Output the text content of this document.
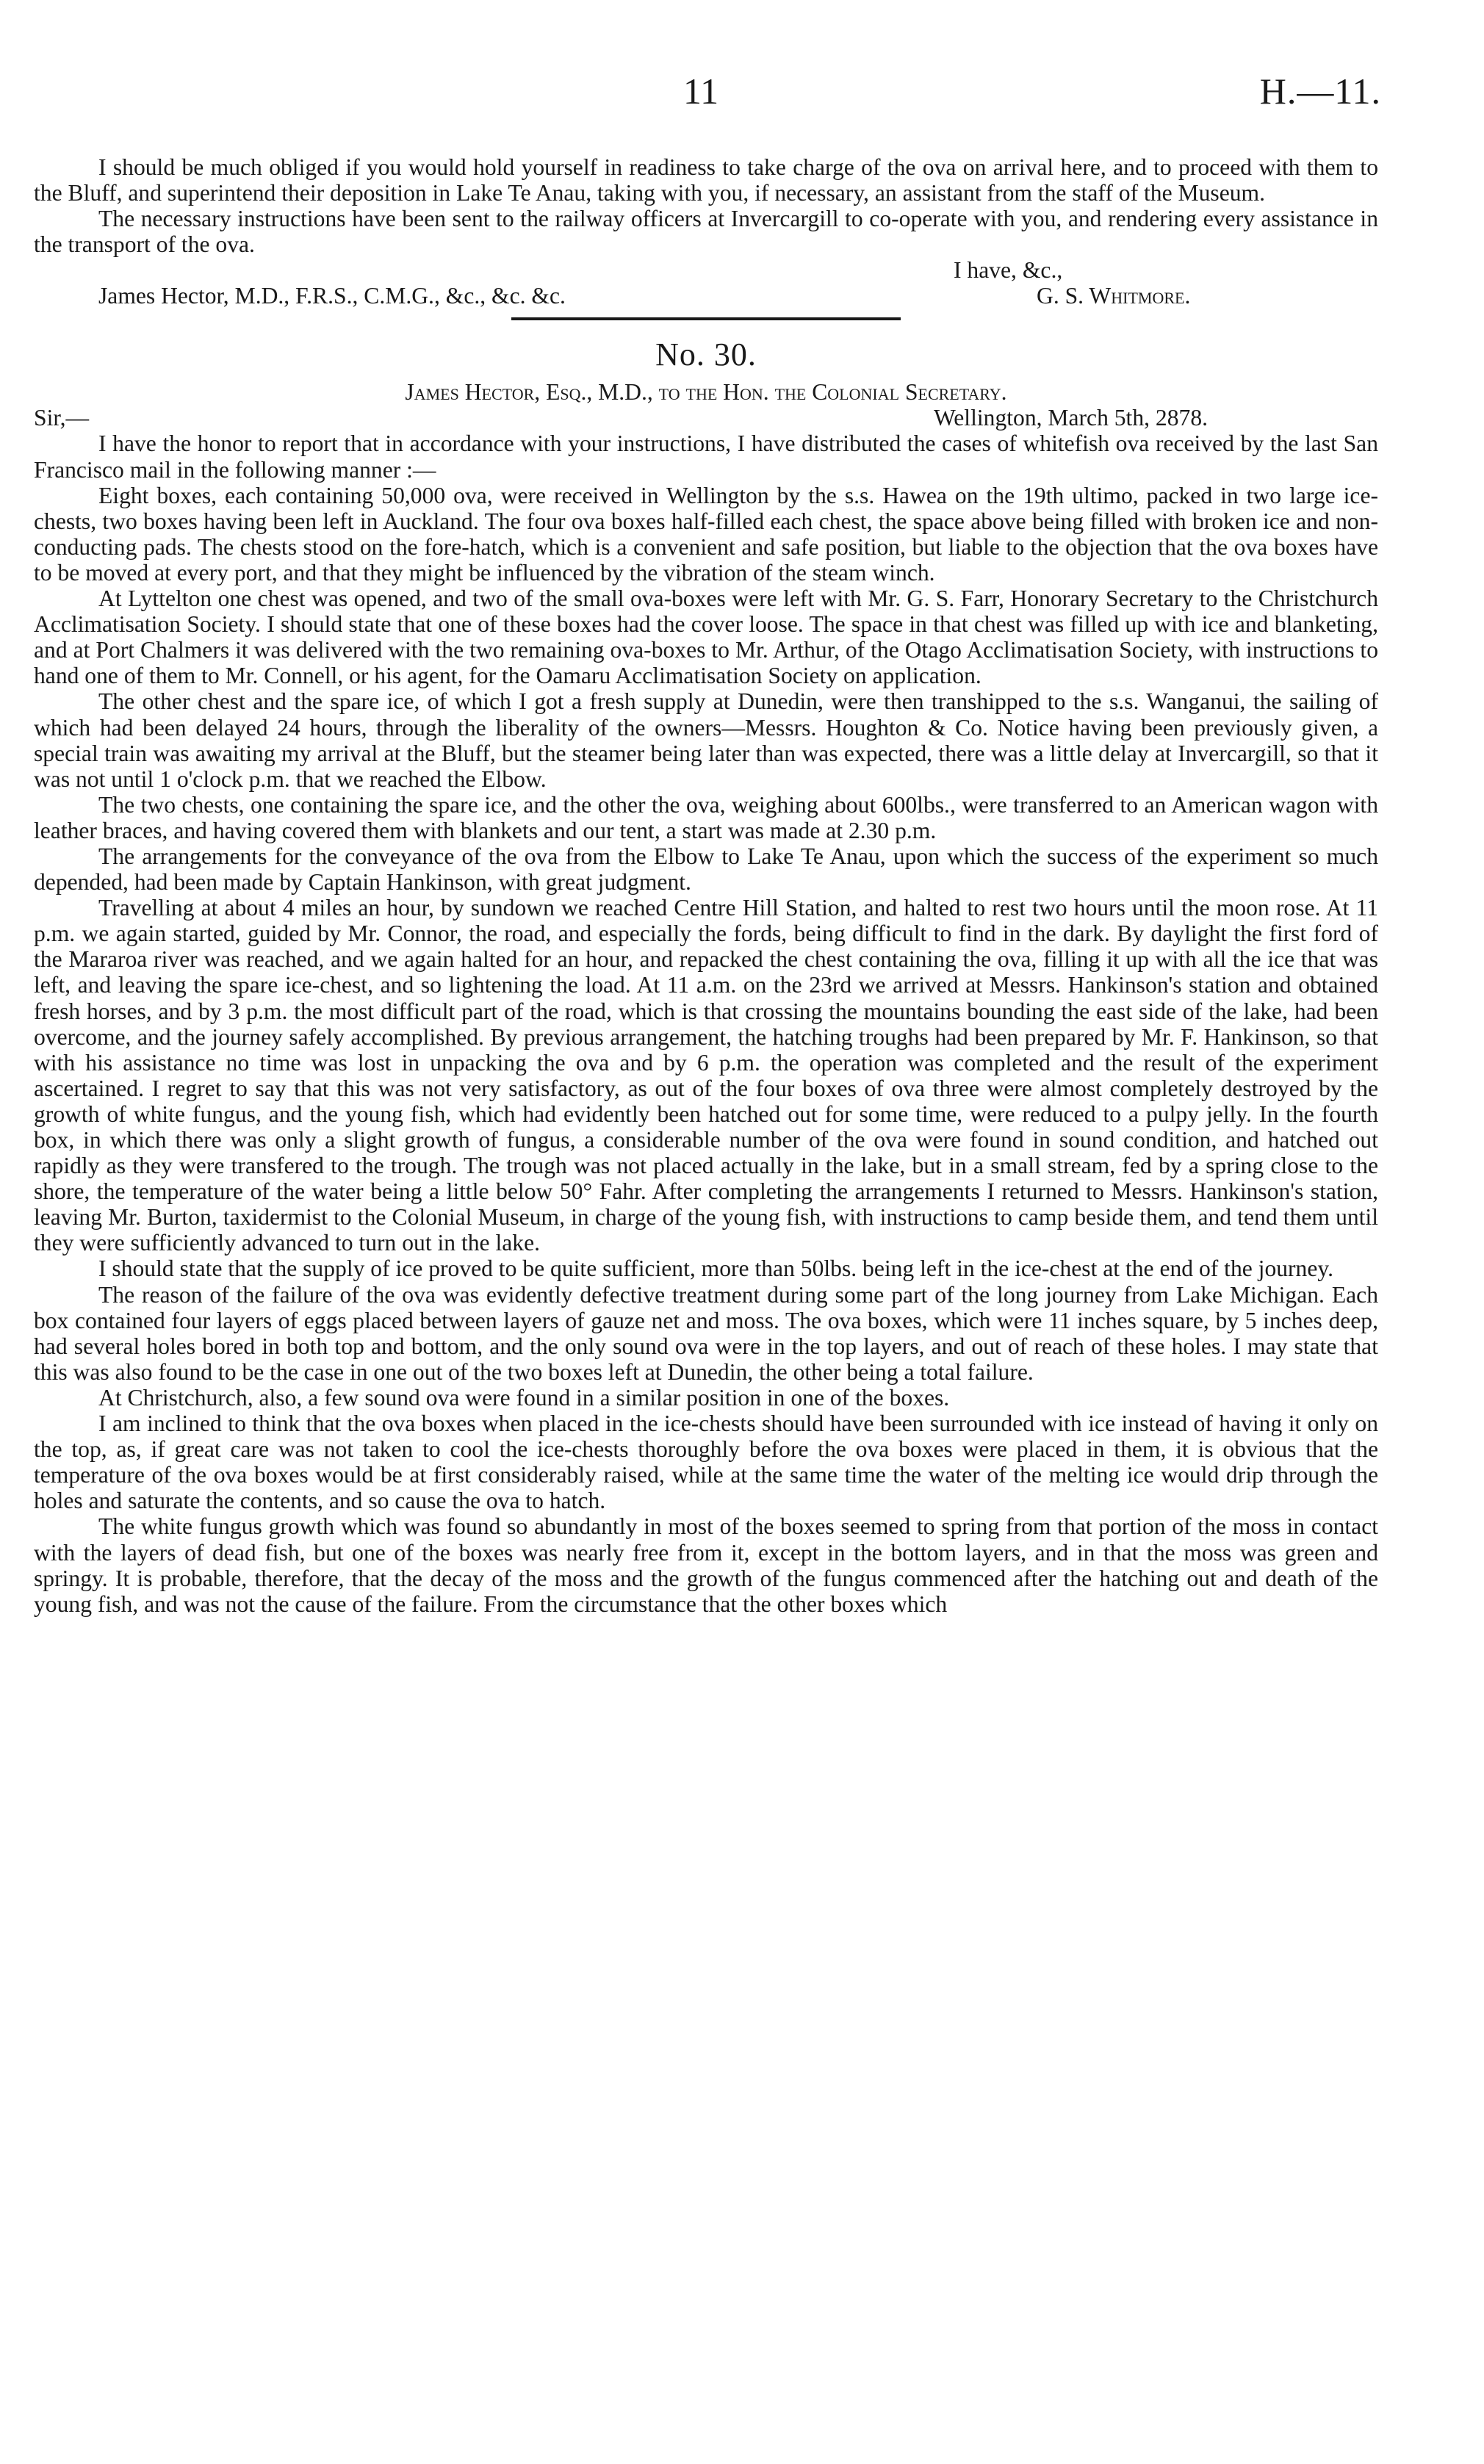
11	H.—11.

I should be much obliged if you would hold yourself in readiness to take charge of the ova on arrival here, and to proceed with them to the Bluff, and superintend their deposition in Lake Te Anau, taking with you, if necessary, an assistant from the staff of the Museum.

The necessary instructions have been sent to the railway officers at Invercargill to co-operate with you, and rendering every assistance in the transport of the ova.

I have, &c.,
James Hector, M.D., F.R.S., C.M.G., &c., &c. &c.	G. S. Whitmore.
No. 30.
James Hector, Esq., M.D., to the Hon. the Colonial Secretary.
Sir,—	Wellington, March 5th, 2878.

I have the honor to report that in accordance with your instructions, I have distributed the cases of whitefish ova received by the last San Francisco mail in the following manner :—

Eight boxes, each containing 50,000 ova, were received in Wellington by the s.s. Hawea on the 19th ultimo, packed in two large ice-chests, two boxes having been left in Auckland. The four ova boxes half-filled each chest, the space above being filled with broken ice and non-conducting pads. The chests stood on the fore-hatch, which is a convenient and safe position, but liable to the objection that the ova boxes have to be moved at every port, and that they might be influenced by the vibration of the steam winch.

At Lyttelton one chest was opened, and two of the small ova-boxes were left with Mr. G. S. Farr, Honorary Secretary to the Christchurch Acclimatisation Society. I should state that one of these boxes had the cover loose. The space in that chest was filled up with ice and blanketing, and at Port Chalmers it was delivered with the two remaining ova-boxes to Mr. Arthur, of the Otago Acclimatisation Society, with instructions to hand one of them to Mr. Connell, or his agent, for the Oamaru Acclimatisation Society on application.

The other chest and the spare ice, of which I got a fresh supply at Dunedin, were then transhipped to the s.s. Wanganui, the sailing of which had been delayed 24 hours, through the liberality of the owners—Messrs. Houghton & Co. Notice having been previously given, a special train was awaiting my arrival at the Bluff, but the steamer being later than was expected, there was a little delay at Invercargill, so that it was not until 1 o'clock p.m. that we reached the Elbow.

The two chests, one containing the spare ice, and the other the ova, weighing about 600lbs., were transferred to an American wagon with leather braces, and having covered them with blankets and our tent, a start was made at 2.30 p.m.

The arrangements for the conveyance of the ova from the Elbow to Lake Te Anau, upon which the success of the experiment so much depended, had been made by Captain Hankinson, with great judgment.

Travelling at about 4 miles an hour, by sundown we reached Centre Hill Station, and halted to rest two hours until the moon rose. At 11 p.m. we again started, guided by Mr. Connor, the road, and especially the fords, being difficult to find in the dark. By daylight the first ford of the Mararoa river was reached, and we again halted for an hour, and repacked the chest containing the ova, filling it up with all the ice that was left, and leaving the spare ice-chest, and so lightening the load. At 11 a.m. on the 23rd we arrived at Messrs. Hankinson's station and obtained fresh horses, and by 3 p.m. the most difficult part of the road, which is that crossing the mountains bounding the east side of the lake, had been overcome, and the journey safely accomplished. By previous arrangement, the hatching troughs had been prepared by Mr. F. Hankinson, so that with his assistance no time was lost in unpacking the ova and by 6 p.m. the operation was completed and the result of the experiment ascertained. I regret to say that this was not very satisfactory, as out of the four boxes of ova three were almost completely destroyed by the growth of white fungus, and the young fish, which had evidently been hatched out for some time, were reduced to a pulpy jelly. In the fourth box, in which there was only a slight growth of fungus, a considerable number of the ova were found in sound condition, and hatched out rapidly as they were transfered to the trough. The trough was not placed actually in the lake, but in a small stream, fed by a spring close to the shore, the temperature of the water being a little below 50° Fahr. After completing the arrangements I returned to Messrs. Hankinson's station, leaving Mr. Burton, taxidermist to the Colonial Museum, in charge of the young fish, with instructions to camp beside them, and tend them until they were sufficiently advanced to turn out in the lake.

I should state that the supply of ice proved to be quite sufficient, more than 50lbs. being left in the ice-chest at the end of the journey.

The reason of the failure of the ova was evidently defective treatment during some part of the long journey from Lake Michigan. Each box contained four layers of eggs placed between layers of gauze net and moss. The ova boxes, which were 11 inches square, by 5 inches deep, had several holes bored in both top and bottom, and the only sound ova were in the top layers, and out of reach of these holes. I may state that this was also found to be the case in one out of the two boxes left at Dunedin, the other being a total failure.

At Christchurch, also, a few sound ova were found in a similar position in one of the boxes.

I am inclined to think that the ova boxes when placed in the ice-chests should have been surrounded with ice instead of having it only on the top, as, if great care was not taken to cool the ice-chests thoroughly before the ova boxes were placed in them, it is obvious that the temperature of the ova boxes would be at first considerably raised, while at the same time the water of the melting ice would drip through the holes and saturate the contents, and so cause the ova to hatch.

The white fungus growth which was found so abundantly in most of the boxes seemed to spring from that portion of the moss in contact with the layers of dead fish, but one of the boxes was nearly free from it, except in the bottom layers, and in that the moss was green and springy. It is probable, therefore, that the decay of the moss and the growth of the fungus commenced after the hatching out and death of the young fish, and was not the cause of the failure. From the circumstance that the other boxes which
